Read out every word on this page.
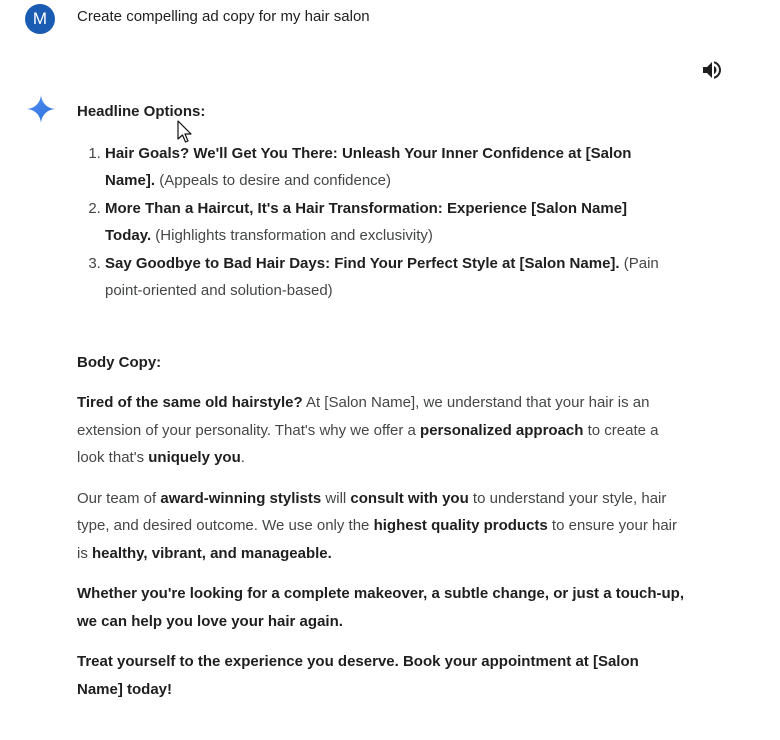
M	Create compelling ad copy for my hair salon
Headline Options:
1. Hair Goals? We'll Get You There: Unleash Your Inner Confidence at [Salon Name]. (Appeals to desire and confidence)
2. More Than a Haircut, It's a Hair Transformation: Experience [Salon Name] Today. (Highlights transformation and exclusivity)
3. Say Goodbye to Bad Hair Days: Find Your Perfect Style at [Salon Name]. (Pain point-oriented and solution-based)
Body Copy:

Tired of the same old hairstyle? At [Salon Name], we understand that your hair is an extension of your personality. That's why we offer a personalized approach to create a look that's uniquely you.

Our team of award-winning stylists will consult with you to understand your style, hair type, and desired outcome. We use only the highest quality products to ensure your hair is healthy, vibrant, and manageable.

Whether you're looking for a complete makeover, a subtle change, or just a touch-up, we can help you love your hair again.

Treat yourself to the experience you deserve. Book your appointment at [Salon Name] today!
